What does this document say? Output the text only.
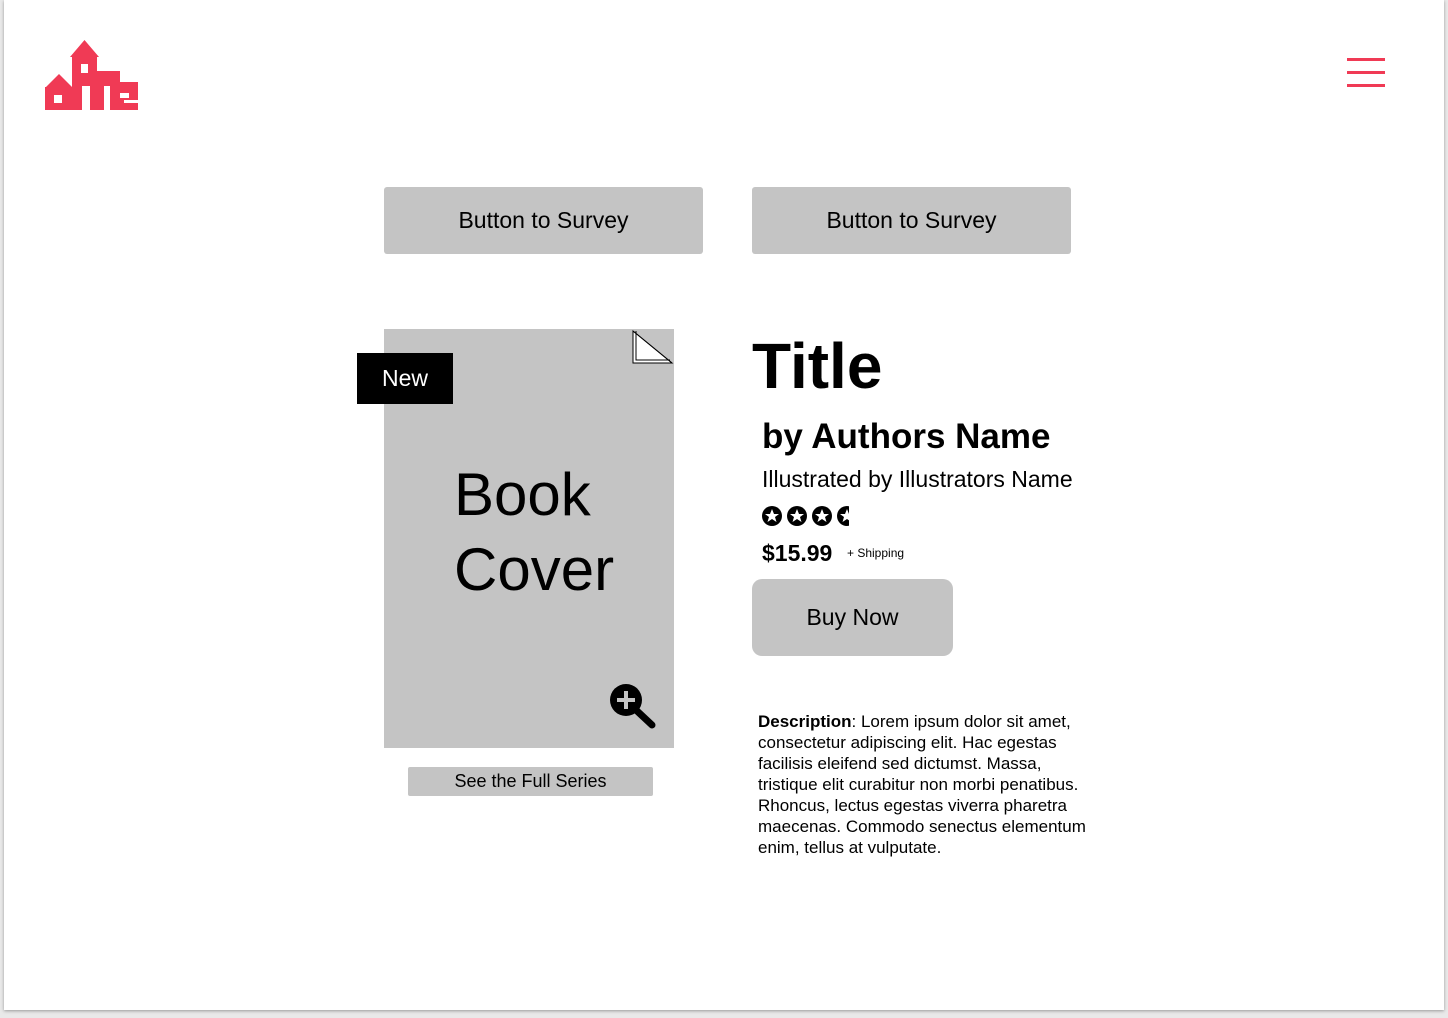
Button to Survey	Button to Survey
Book
Cover
New
See the Full Series
Title
by Authors Name
Illustrated by Illustrators Name
$15.99 + Shipping
Buy Now
Description: Lorem ipsum dolor sit amet, consectetur adipiscing elit. Hac egestas facilisis eleifend sed dictumst. Massa, tristique elit curabitur non morbi penatibus. Rhoncus, lectus egestas viverra pharetra maecenas. Commodo senectus elementum enim, tellus at vulputate.
